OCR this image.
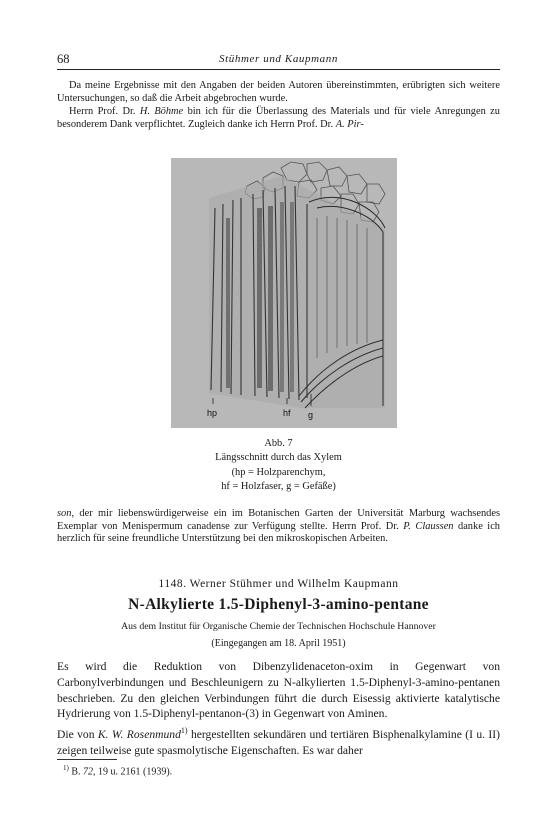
68	Stühmer und Kaupmann

Da meine Ergebnisse mit den Angaben der beiden Autoren übereinstimmten, erübrigten sich weitere Untersuchungen, so daß die Arbeit abgebrochen wurde.

Herrn Prof. Dr. H. Böhme bin ich für die Überlassung des Materials und für viele Anregungen zu besonderem Dank verpflichtet. Zugleich danke ich Herrn Prof. Dr. A. Pir-

hp	hf g
Abb. 7
Längsschnitt durch das Xylem
(hp = Holzparenchym,
hf = Holzfaser, g = Gefäße)

son, der mir liebenswürdigerweise ein im Botanischen Garten der Universität Marburg wachsendes Exemplar von Menispermum canadense zur Verfügung stellte. Herrn Prof. Dr. P. Claussen danke ich herzlich für seine freundliche Unterstützung bei den mikroskopischen Arbeiten.

1148. Werner Stühmer und Wilhelm Kaupmann
N-Alkylierte 1.5-Diphenyl-3-amino-pentane
Aus dem Institut für Organische Chemie der Technischen Hochschule Hannover
(Eingegangen am 18. April 1951)

Es wird die Reduktion von Dibenzylidenaceton-oxim in Gegenwart von Carbonylverbindungen und Beschleunigern zu N-alkylierten 1.5-Diphenyl-3-amino-pentanen beschrieben. Zu den gleichen Verbindungen führt die durch Eisessig aktivierte katalytische Hydrierung von 1.5-Diphenyl-pentanon-(3) in Gegenwart von Aminen.

Die von K. W. Rosenmund$^{1)}$ hergestellten sekundären und tertiären Bisphenalkylamine (I u. II) zeigen teilweise gute spasmolytische Eigenschaften. Es war daher

$^{1)}$ B. 72, 19 u. 2161 (1939).
